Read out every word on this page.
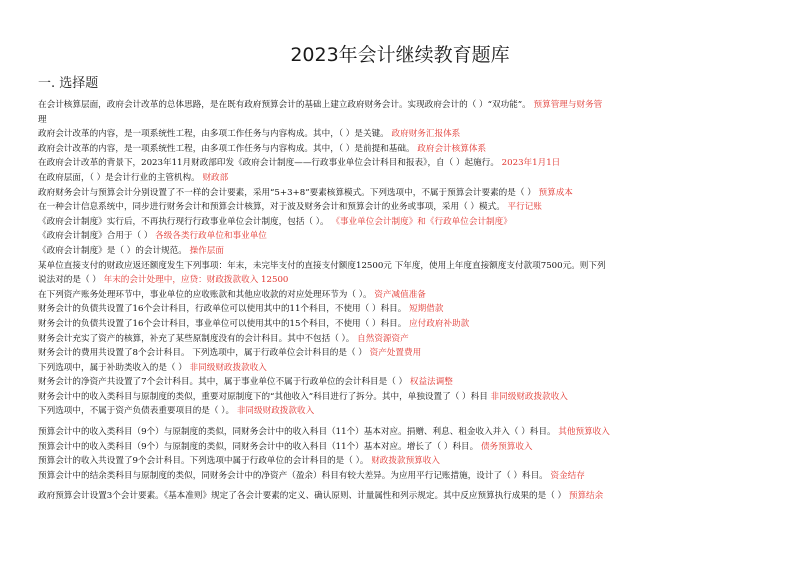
2023年会计继续教育题库
一. 选择题
在会计核算层面，政府会计改革的总体思路，是在既有政府预算会计的基础上建立政府财务会计。实现政府会计的（ ）“双功能”。 预算管理与财务管
理
政府会计改革的内容，是一项系统性工程，由多项工作任务与内容构成。其中，（ ）是关键。 政府财务汇报体系
政府会计改革的内容，是一项系统性工程，由多项工作任务与内容构成。其中，（ ）是前提和基础。 政府会计核算体系
在政府会计改革的背景下，2023年11月财政部印发《政府会计制度——行政事业单位会计科目和报表》，自（ ）起施行。 2023年1月1日
在政府层面，（ ）是会计行业的主管机构。 财政部
政府财务会计与预算会计分别设置了不一样的会计要素，采用“5+3+8”要素核算模式。下列选项中，不属于预算会计要素的是（ ） 预算成本
在一种会计信息系统中，同步进行财务会计和预算会计核算，对于波及财务会计和预算会计的业务或事项，采用（ ）模式。 平行记账
《政府会计制度》实行后，不再执行现行行政事业单位会计制度，包括（ ）。 《事业单位会计制度》和《行政单位会计制度》
《政府会计制度》合用于（ ） 各级各类行政单位和事业单位
《政府会计制度》是（ ）的会计规范。 操作层面
某单位直接支付的财政应返还额度发生下列事项：年末，未完毕支付的直接支付额度12500元 下年度，使用上年度直接额度支付款项7500元。则下列
说法对的是（ ） 年末的会计处理中，应贷：财政拨款收入 12500
在下列资产账务处理环节中，事业单位的应收账款和其他应收款的对应处理环节为（ ）。 资产减值准备
财务会计的负债共设置了16个会计科目，行政单位可以使用其中的11个科目，不使用（ ）科目。 短期借款
财务会计的负债共设置了16个会计科目，事业单位可以使用其中的15个科目，不使用（ ）科目。 应付政府补助款
财务会计充实了资产的核算，补充了某些原制度没有的会计科目。其中不包括（ ）。 自然资源资产
财务会计的费用共设置了8个会计科目。 下列选项中，属于行政单位会计科目的是（ ） 资产处置费用
下列选项中，属于补助类收入的是（ ） 非同级财政拨款收入
财务会计的净资产共设置了7个会计科目。其中，属于事业单位不属于行政单位的会计科目是（ ） 权益法调整
财务会计中的收入类科目与原制度的类似，重要对原制度下的“其他收入”科目进行了拆分。其中，单独设置了（ ）科目 非同级财政拨款收入
下列选项中，不属于资产负债表重要项目的是（ ）。 非同级财政拨款收入
预算会计中的收入类科目（9个）与原制度的类似，同财务会计中的收入科目（11个）基本对应。捐赠、利息、租金收入并入（ ）科目。 其他预算收入
预算会计中的收入类科目（9个）与原制度的类似，同财务会计中的收入科目（11个）基本对应。增长了（ ）科目。 债务预算收入
预算会计的收入共设置了9个会计科目。下列选项中属于行政单位的会计科目的是（ ）。 财政拨款预算收入
预算会计中的结余类科目与原制度的类似，同财务会计中的净资产（盈余）科目有较大差异。为应用平行记账措施，设计了（ ）科目。 资金结存
政府预算会计设置3个会计要素。《基本准则》规定了各会计要素的定义、确认原则、计量属性和列示规定。其中反应预算执行成果的是（ ） 预算结余
